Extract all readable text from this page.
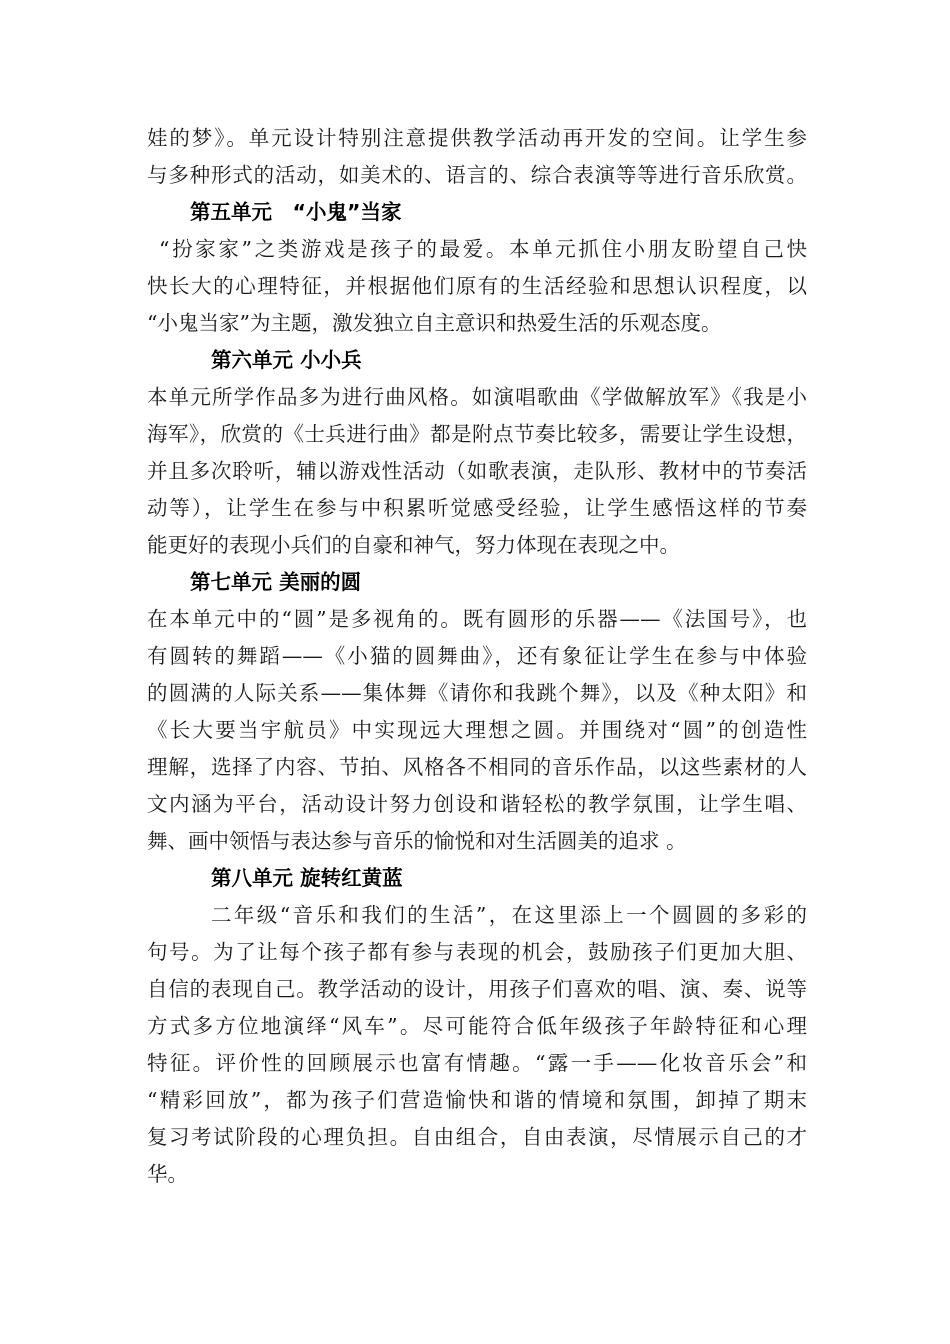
娃的梦》。单元设计特别注意提供教学活动再开发的空间。让学生参
与多种形式的活动，如美术的、语言的、综合表演等等进行音乐欣赏。
第五单元　“小鬼”当家
“扮家家”之类游戏是孩子的最爱。本单元抓住小朋友盼望自己快
快长大的心理特征，并根据他们原有的生活经验和思想认识程度，以
“小鬼当家”为主题，激发独立自主意识和热爱生活的乐观态度。
第六单元 小小兵
本单元所学作品多为进行曲风格。如演唱歌曲《学做解放军》《我是小
海军》，欣赏的《士兵进行曲》都是附点节奏比较多，需要让学生设想，
并且多次聆听，辅以游戏性活动（如歌表演，走队形、教材中的节奏活
动等），让学生在参与中积累听觉感受经验，让学生感悟这样的节奏
能更好的表现小兵们的自豪和神气，努力体现在表现之中。
第七单元 美丽的圆
在本单元中的“圆”是多视角的。既有圆形的乐器——《法国号》，也
有圆转的舞蹈——《小猫的圆舞曲》，还有象征让学生在参与中体验
的圆满的人际关系——集体舞《请你和我跳个舞》，以及《种太阳》和
《长大要当宇航员》中实现远大理想之圆。并围绕对“圆”的创造性
理解，选择了内容、节拍、风格各不相同的音乐作品，以这些素材的人
文内涵为平台，活动设计努力创设和谐轻松的教学氛围，让学生唱、
舞、画中领悟与表达参与音乐的愉悦和对生活圆美的追求 。
第八单元 旋转红黄蓝
二年级“音乐和我们的生活”，在这里添上一个圆圆的多彩的
句号。为了让每个孩子都有参与表现的机会，鼓励孩子们更加大胆、
自信的表现自己。教学活动的设计，用孩子们喜欢的唱、演、奏、说等
方式多方位地演绎“风车”。尽可能符合低年级孩子年龄特征和心理
特征。评价性的回顾展示也富有情趣。“露一手——化妆音乐会”和
“精彩回放”，都为孩子们营造愉快和谐的情境和氛围，卸掉了期末
复习考试阶段的心理负担。自由组合，自由表演，尽情展示自己的才
华。
